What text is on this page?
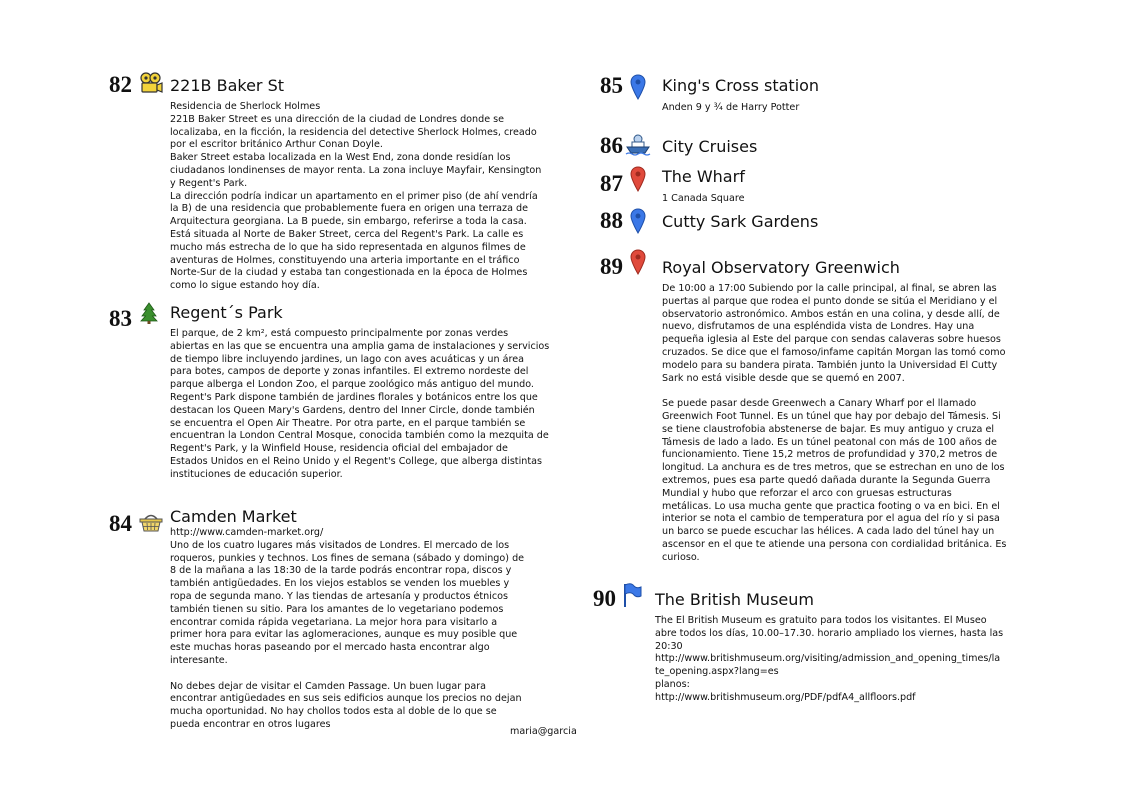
82 221B Baker St

Residencia de Sherlock Holmes

221B Baker Street es una dirección de la ciudad de Londres donde se

localizaba, en la ficción, la residencia del detective Sherlock Holmes, creado

por el escritor británico Arthur Conan Doyle.

Baker Street estaba localizada en la West End, zona donde residían los

ciudadanos londinenses de mayor renta. La zona incluye Mayfair, Kensington

y Regent's Park.

La dirección podría indicar un apartamento en el primer piso (de ahí vendría

la B) de una residencia que probablemente fuera en origen una terraza de

Arquitectura georgiana. La B puede, sin embargo, referirse a toda la casa.

Está situada al Norte de Baker Street, cerca del Regent's Park. La calle es

mucho más estrecha de lo que ha sido representada en algunos filmes de

aventuras de Holmes, constituyendo una arteria importante en el tráfico

Norte-Sur de la ciudad y estaba tan congestionada en la época de Holmes

como lo sigue estando hoy día.

83 Regent´s Park

El parque, de 2 km², está compuesto principalmente por zonas verdes

abiertas en las que se encuentra una amplia gama de instalaciones y servicios

de tiempo libre incluyendo jardines, un lago con aves acuáticas y un área

para botes, campos de deporte y zonas infantiles. El extremo nordeste del

parque alberga el London Zoo, el parque zoológico más antiguo del mundo.

Regent's Park dispone también de jardines florales y botánicos entre los que

destacan los Queen Mary's Gardens, dentro del Inner Circle, donde también

se encuentra el Open Air Theatre. Por otra parte, en el parque también se

encuentran la London Central Mosque, conocida también como la mezquita de

Regent's Park, y la Winfield House, residencia oficial del embajador de

Estados Unidos en el Reino Unido y el Regent's College, que alberga distintas

instituciones de educación superior.

84 Camden Market

http://www.camden-market.org/

Uno de los cuatro lugares más visitados de Londres. El mercado de los

roqueros, punkies y technos. Los fines de semana (sábado y domingo) de

8 de la mañana a las 18:30 de la tarde podrás encontrar ropa, discos y

también antigüedades. En los viejos establos se venden los muebles y

ropa de segunda mano. Y las tiendas de artesanía y productos étnicos

también tienen su sitio. Para los amantes de lo vegetariano podemos

encontrar comida rápida vegetariana. La mejor hora para visitarlo a

primer hora para evitar las aglomeraciones, aunque es muy posible que

este muchas horas paseando por el mercado hasta encontrar algo

interesante.

No debes dejar de visitar el Camden Passage. Un buen lugar para

encontrar antigüedades en sus seis edificios aunque los precios no dejan

mucha oportunidad. No hay chollos todos esta al doble de lo que se

pueda encontrar en otros lugares

85 King's Cross station

Anden 9 y ¾ de Harry Potter

86 City Cruises
87 The Wharf

1 Canada Square

88 Cutty Sark Gardens
89 Royal Observatory Greenwich

De 10:00 a 17:00 Subiendo por la calle principal, al final, se abren las

puertas al parque que rodea el punto donde se sitúa el Meridiano y el

observatorio astronómico. Ambos están en una colina, y desde allí, de

nuevo, disfrutamos de una espléndida vista de Londres. Hay una

pequeña iglesia al Este del parque con sendas calaveras sobre huesos

cruzados. Se dice que el famoso/infame capitán Morgan las tomó como

modelo para su bandera pirata. También junto la Universidad El Cutty

Sark no está visible desde que se quemó en 2007.

Se puede pasar desde Greenwech a Canary Wharf por el llamado

Greenwich Foot Tunnel. Es un túnel que hay por debajo del Támesis. Si

se tiene claustrofobia abstenerse de bajar. Es muy antiguo y cruza el

Támesis de lado a lado. Es un túnel peatonal con más de 100 años de

funcionamiento. Tiene 15,2 metros de profundidad y 370,2 metros de

longitud. La anchura es de tres metros, que se estrechan en uno de los

extremos, pues esa parte quedó dañada durante la Segunda Guerra

Mundial y hubo que reforzar el arco con gruesas estructuras

metálicas. Lo usa mucha gente que practica footing o va en bici. En el

interior se nota el cambio de temperatura por el agua del río y si pasa

un barco se puede escuchar las hélices. A cada lado del túnel hay un

ascensor en el que te atiende una persona con cordialidad británica. Es

curioso.

90 The British Museum

The El British Museum es gratuito para todos los visitantes. El Museo

abre todos los días, 10.00–17.30. horario ampliado los viernes, hasta las

20:30

http://www.britishmuseum.org/visiting/admission_and_opening_times/la

te_opening.aspx?lang=es

planos:

http://www.britishmuseum.org/PDF/pdfA4_allfloors.pdf

maria@garcia
